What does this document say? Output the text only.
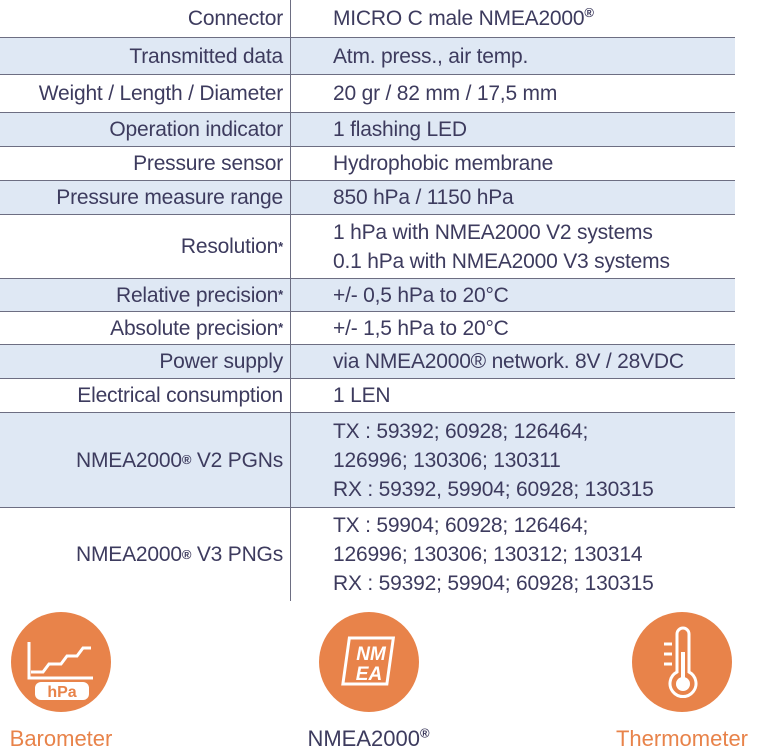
Connector MICRO C male NMEA2000®
Transmitted data Atm. press., air temp.
Weight / Length / Diameter 20 gr / 82 mm / 17,5 mm
Operation indicator 1 flashing LED
Pressure sensor Hydrophobic membrane
Pressure measure range 850 hPa / 1150 hPa
Resolution *
1 hPa with NMEA2000 V2 systems
0.1 hPa with NMEA2000 V3 systems
Relative precision * +/- 0,5 hPa to 20°C
Absolute precision * +/- 1,5 hPa to 20°C
Power supply via NMEA2000® network. 8V / 28VDC
Electrical consumption 1 LEN
NMEA2000 ® V2 PGNs
TX : 59392; 60928; 126464;
126996; 130306; 130311
RX : 59392, 59904; 60928; 130315
NMEA2000 ® V3 PNGs
TX : 59904; 60928; 126464;
126996; 130306; 130312; 130314
RX : 59392; 59904; 60928; 130315
hPa
Barometer
NM
EA
NMEA2000®	Thermometer
